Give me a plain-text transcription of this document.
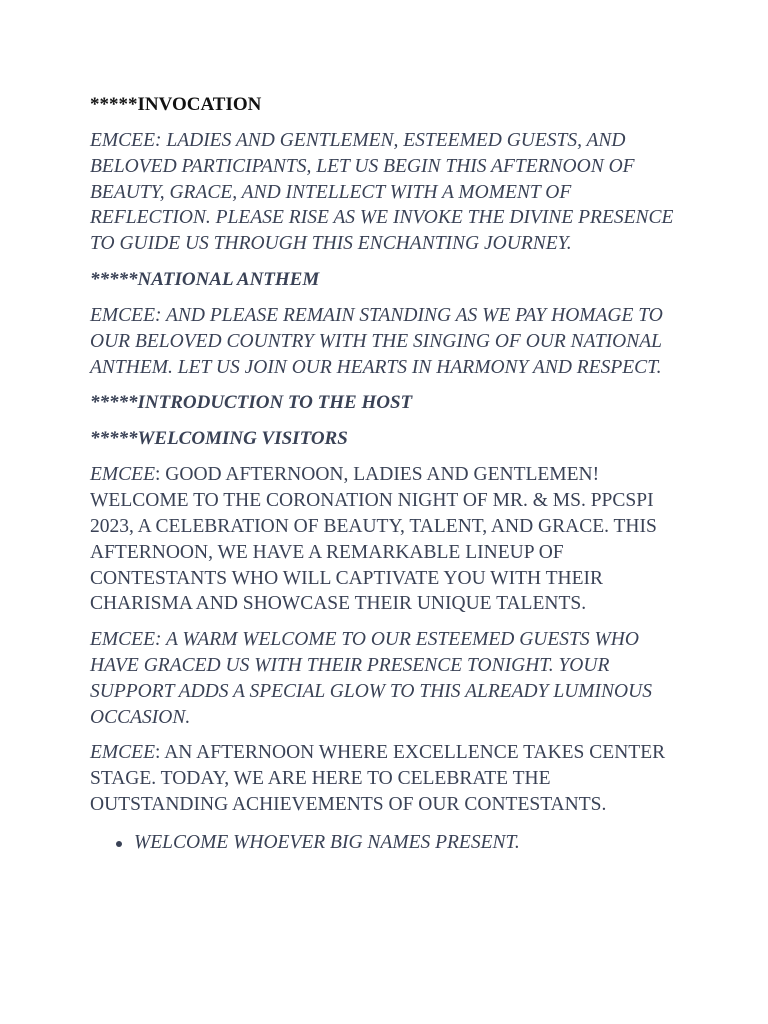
*****INVOCATION

EMCEE: LADIES AND GENTLEMEN, ESTEEMED GUESTS, AND BELOVED PARTICIPANTS, LET US BEGIN THIS AFTERNOON OF BEAUTY, GRACE, AND INTELLECT WITH A MOMENT OF REFLECTION. PLEASE RISE AS WE INVOKE THE DIVINE PRESENCE TO GUIDE US THROUGH THIS ENCHANTING JOURNEY.

*****NATIONAL ANTHEM

EMCEE: AND PLEASE REMAIN STANDING AS WE PAY HOMAGE TO OUR BELOVED COUNTRY WITH THE SINGING OF OUR NATIONAL ANTHEM. LET US JOIN OUR HEARTS IN HARMONY AND RESPECT.

*****INTRODUCTION TO THE HOST
*****WELCOMING VISITORS

EMCEE: GOOD AFTERNOON, LADIES AND GENTLEMEN! WELCOME TO THE CORONATION NIGHT OF MR. & MS. PPCSPI 2023, A CELEBRATION OF BEAUTY, TALENT, AND GRACE. THIS AFTERNOON, WE HAVE A REMARKABLE LINEUP OF CONTESTANTS WHO WILL CAPTIVATE YOU WITH THEIR CHARISMA AND SHOWCASE THEIR UNIQUE TALENTS.

EMCEE: A WARM WELCOME TO OUR ESTEEMED GUESTS WHO HAVE GRACED US WITH THEIR PRESENCE TONIGHT. YOUR SUPPORT ADDS A SPECIAL GLOW TO THIS ALREADY LUMINOUS OCCASION.

EMCEE: AN AFTERNOON WHERE EXCELLENCE TAKES CENTER STAGE. TODAY, WE ARE HERE TO CELEBRATE THE OUTSTANDING ACHIEVEMENTS OF OUR CONTESTANTS.

WELCOME WHOEVER BIG NAMES PRESENT.
